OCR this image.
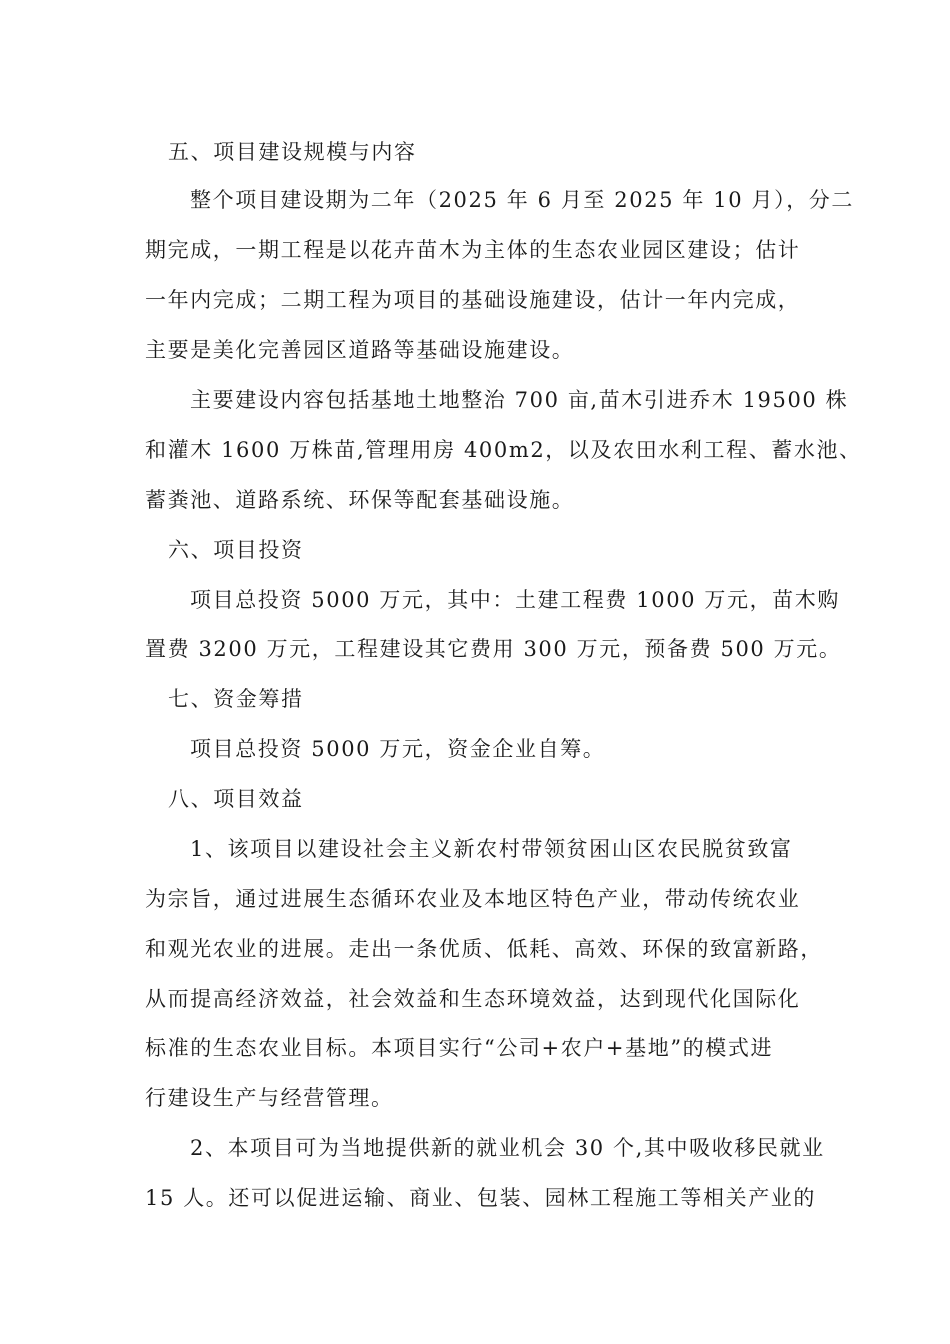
五、项目建设规模与内容
整个项目建设期为二年（2025 年 6 月至 2025 年 10 月），分二
期完成，一期工程是以花卉苗木为主体的生态农业园区建设；估计
一年内完成；二期工程为项目的基础设施建设，估计一年内完成，
主要是美化完善园区道路等基础设施建设。
主要建设内容包括基地土地整治 700 亩,苗木引进乔木 19500 株
和灌木 1600 万株苗,管理用房 400m2，以及农田水利工程、蓄水池、
蓄粪池、道路系统、环保等配套基础设施。
六、项目投资
项目总投资 5000 万元，其中：土建工程费 1000 万元，苗木购
置费 3200 万元，工程建设其它费用 300 万元，预备费 500 万元。
七、资金筹措
项目总投资 5000 万元，资金企业自筹。
八、项目效益
1、该项目以建设社会主义新农村带领贫困山区农民脱贫致富
为宗旨，通过进展生态循环农业及本地区特色产业，带动传统农业
和观光农业的进展。走出一条优质、低耗、高效、环保的致富新路，
从而提高经济效益，社会效益和生态环境效益，达到现代化国际化
标准的生态农业目标。本项目实行“公司+农户+基地”的模式进
行建设生产与经营管理。
2、本项目可为当地提供新的就业机会 30 个,其中吸收移民就业
15 人。还可以促进运输、商业、包装、园林工程施工等相关产业的
